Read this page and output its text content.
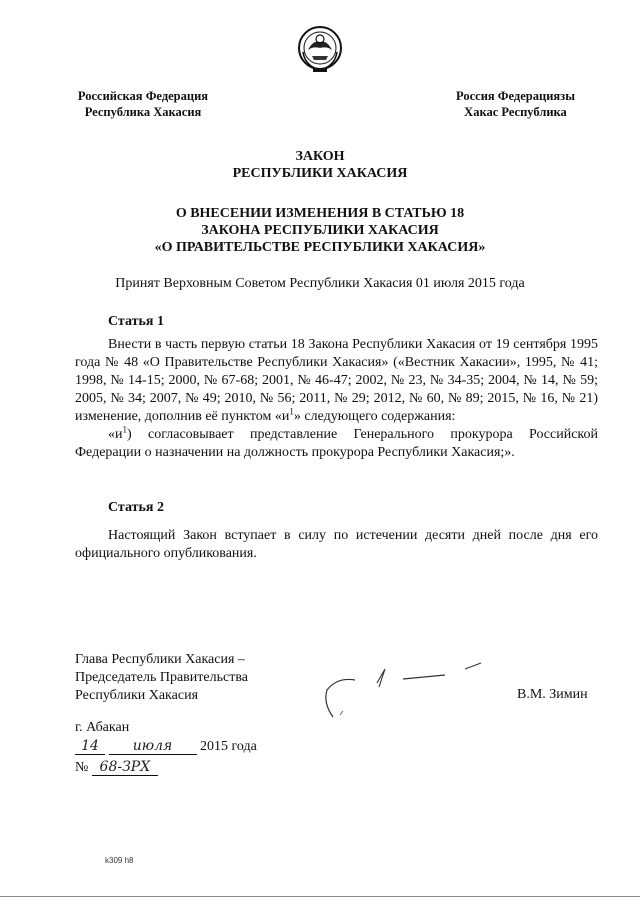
Российская Федерация
Республика Хакасия
Россия Федерациязы
Хакас Республика
ЗАКОН
РЕСПУБЛИКИ ХАКАСИЯ
О ВНЕСЕНИИ ИЗМЕНЕНИЯ В СТАТЬЮ 18
ЗАКОНА РЕСПУБЛИКИ ХАКАСИЯ
«О ПРАВИТЕЛЬСТВЕ РЕСПУБЛИКИ ХАКАСИЯ»
Принят Верховным Советом Республики Хакасия 01 июля 2015 года
Статья 1

Внести в часть первую статьи 18 Закона Республики Хакасия от 19 сентября 1995 года № 48 «О Правительстве Республики Хакасия» («Вестник Хакасии», 1995, № 41; 1998, № 14-15; 2000, № 67-68; 2001, № 46-47; 2002, № 23, № 34-35; 2004, № 14, № 59; 2005, № 34; 2007, № 49; 2010, № 56; 2011, № 29; 2012, № 60, № 89; 2015, № 16, № 21) изменение, дополнив её пунктом «$и^1$» следующего содержания:

«$и^1$) согласовывает представление Генерального прокурора Российской Федерации о назначении на должность прокурора Республики Хакасия;».

Статья 2

Настоящий Закон вступает в силу по истечении десяти дней после дня его официального опубликования.

Глава Республики Хакасия –
Председатель Правительства
Республики Хакасия	В.М. Зимин
г. Абакан
14 июля 2015 года
№ 68-ЗРХ
k309 h8
